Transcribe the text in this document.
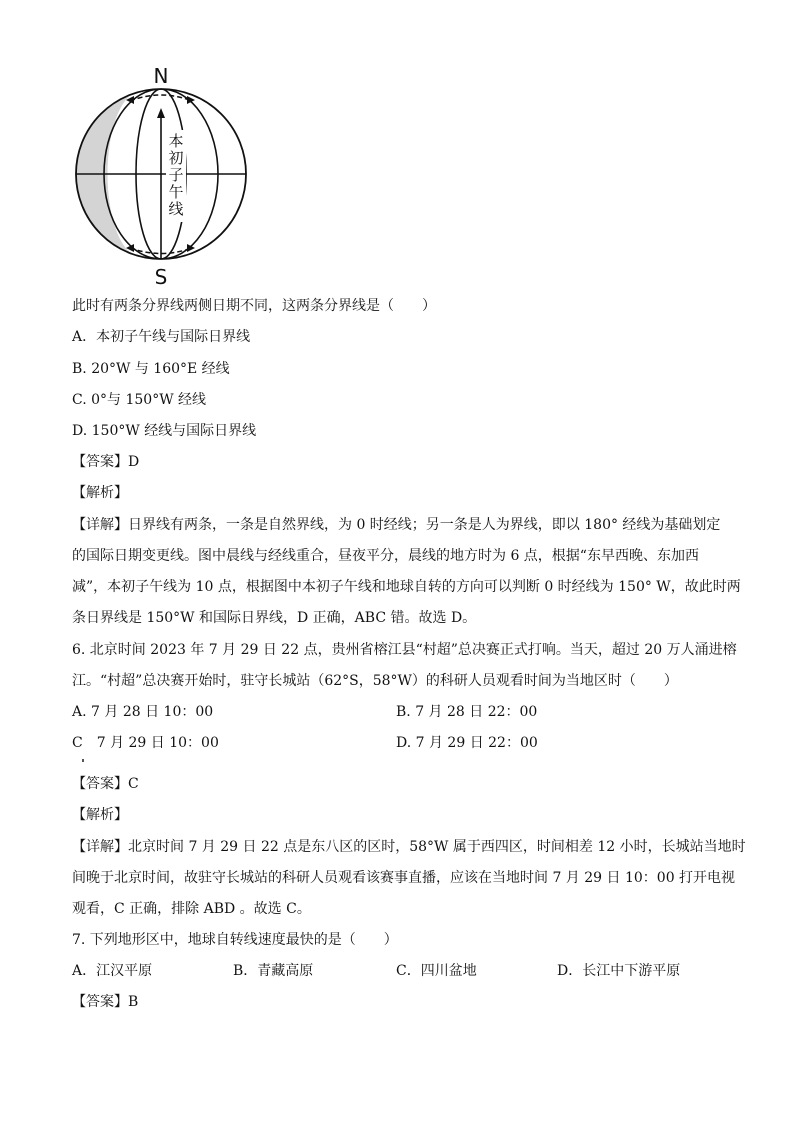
本
初
子
午
线
N
S
此时有两条分界线两侧日期不同，这两条分界线是（　　）
A．本初子午线与国际日界线
B. 20°W 与 160°E 经线
C. 0°与 150°W 经线
D. 150°W 经线与国际日界线
【答案】D
【解析】
【详解】日界线有两条，一条是自然界线，为 0 时经线；另一条是人为界线，即以 180° 经线为基础划定
的国际日期变更线。图中晨线与经线重合，昼夜平分，晨线的地方时为 6 点，根据“东早西晚、东加西
减”，本初子午线为 10 点，根据图中本初子午线和地球自转的方向可以判断 0 时经线为 150° W，故此时两
条日界线是 150°W 和国际日界线，D 正确，ABC 错。故选 D。
6. 北京时间 2023 年 7 月 29 日 22 点，贵州省榕江县“村超”总决赛正式打响。当天，超过 20 万人涌进榕
江。“村超”总决赛开始时，驻守长城站（62°S，58°W）的科研人员观看时间为当地区时（　　）
A. 7 月 28 日 10：00	B. 7 月 28 日 22：00
C　7 月 29 日 10：00	D. 7 月 29 日 22：00
【答案】C
【解析】
【详解】北京时间 7 月 29 日 22 点是东八区的区时，58°W 属于西四区，时间相差 12 小时，长城站当地时
间晚于北京时间，故驻守长城站的科研人员观看该赛事直播，应该在当地时间 7 月 29 日 10：00 打开电视
观看，C 正确，排除 ABD 。故选 C。
7. 下列地形区中，地球自转线速度最快的是（　　）
A．江汉平原	B．青藏高原	C．四川盆地	D．长江中下游平原
【答案】B
